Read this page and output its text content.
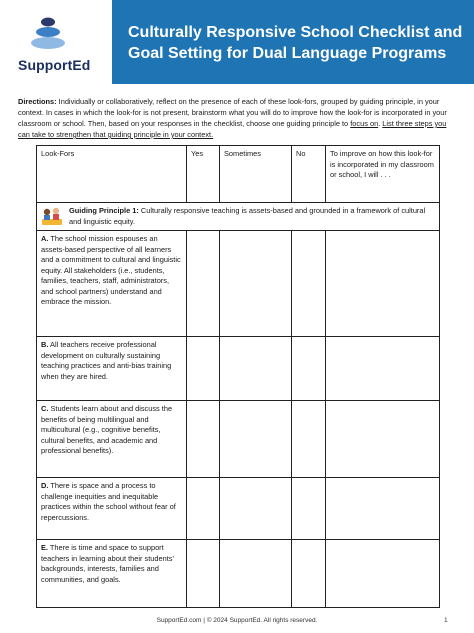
SupportEd
Culturally Responsive School Checklist and
Goal Setting for Dual Language Programs
Directions: Individually or collaboratively, reflect on the presence of each of these look-fors, grouped by guiding principle, in your context. In cases in which the look-for is not present, brainstorm what you will do to improve how the look-for is incorporated in your classroom or school. Then, based on your responses in the checklist, choose one guiding principle to focus on. List three steps you can take to strengthen that guiding principle in your context.
Look-Fors	Yes	Sometimes	No	To improve on how this look-for is incorporated in my classroom or school, I will . . .

Guiding Principle 1: Culturally responsive teaching is assets-based and grounded in a framework of cultural and linguistic equity.				

A. The school mission espouses an assets-based perspective of all learners and a commitment to cultural and linguistic equity. All stakeholders (i.e., students, families, teachers, staff, administrators, and school partners) understand and embrace the mission.				
B. All teachers receive professional development on culturally sustaining teaching practices and anti-bias training when they are hired.				
C. Students learn about and discuss the benefits of being multilingual and multicultural (e.g., cognitive benefits, cultural benefits, and academic and professional benefits).				
D. There is space and a process to challenge inequities and inequitable practices within the school without fear of repercussions.				
E. There is time and space to support teachers in learning about their students' backgrounds, interests, families and communities, and goals.				
SupportEd.com | © 2024 SupportEd. All rights reserved.	1
